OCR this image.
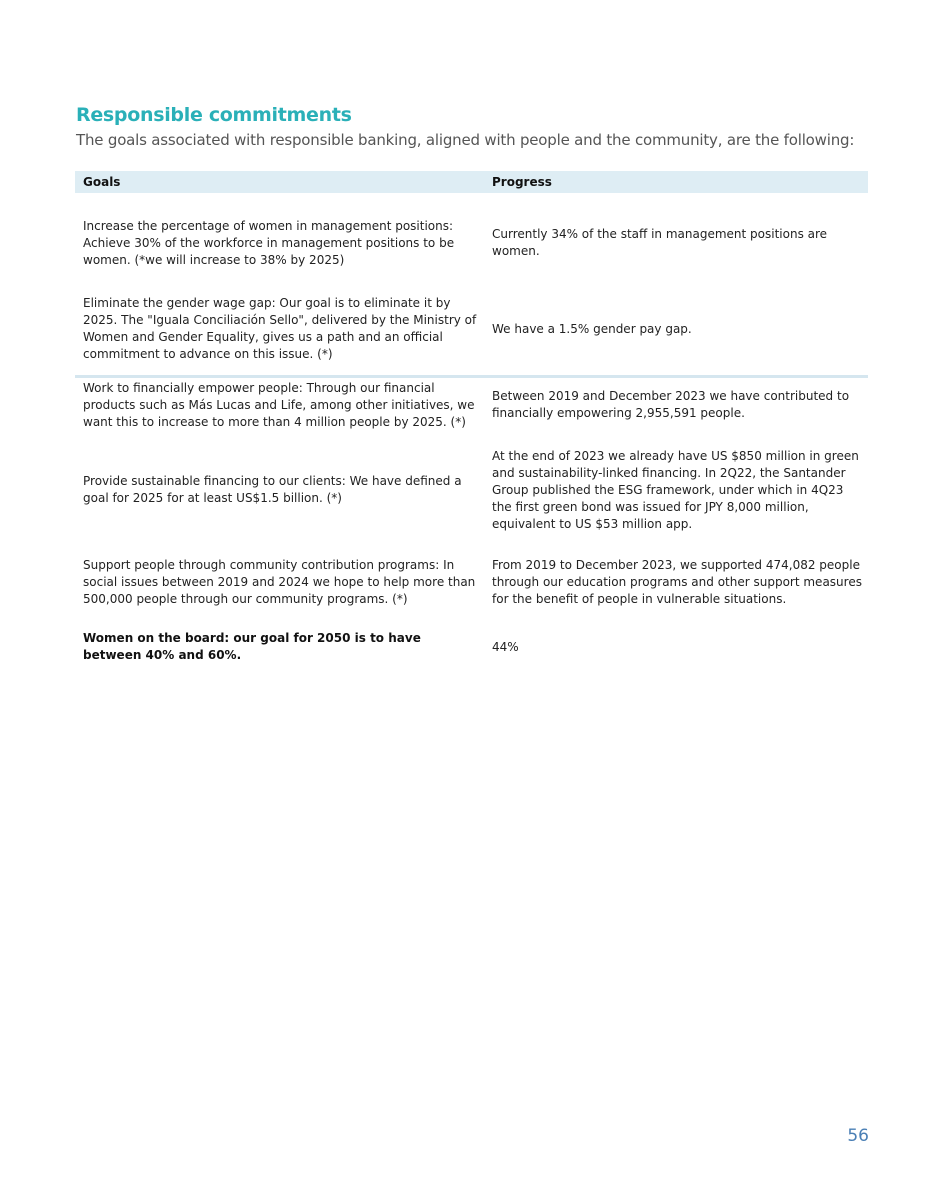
Responsible commitments

The goals associated with responsible banking, aligned with people and the community, are the following:

Goals	Progress
Increase the percentage of women in management positions: Achieve 30% of the workforce in management positions to be women. (*we will increase to 38% by 2025)
Currently 34% of the staff in management positions are women.
Eliminate the gender wage gap: Our goal is to eliminate it by 2025. The "Iguala Conciliación Sello", delivered by the Ministry of Women and Gender Equality, gives us a path and an official commitment to advance on this issue. (*)
We have a 1.5% gender pay gap.
Work to financially empower people: Through our financial products such as Más Lucas and Life, among other initiatives, we want this to increase to more than 4 million people by 2025. (*)
Between 2019 and December 2023 we have contributed to financially empowering 2,955,591 people.
Provide sustainable financing to our clients: We have defined a goal for 2025 for at least US$1.5 billion. (*)
At the end of 2023 we already have US $850 million in green and sustainability-linked financing. In 2Q22, the Santander Group published the ESG framework, under which in 4Q23 the first green bond was issued for JPY 8,000 million, equivalent to US $53 million app.
Support people through community contribution programs: In social issues between 2019 and 2024 we hope to help more than 500,000 people through our community programs. (*)
From 2019 to December 2023, we supported 474,082 people through our education programs and other support measures for the benefit of people in vulnerable situations.
Women on the board: our goal for 2050 is to have between 40% and 60%.
44%
56
